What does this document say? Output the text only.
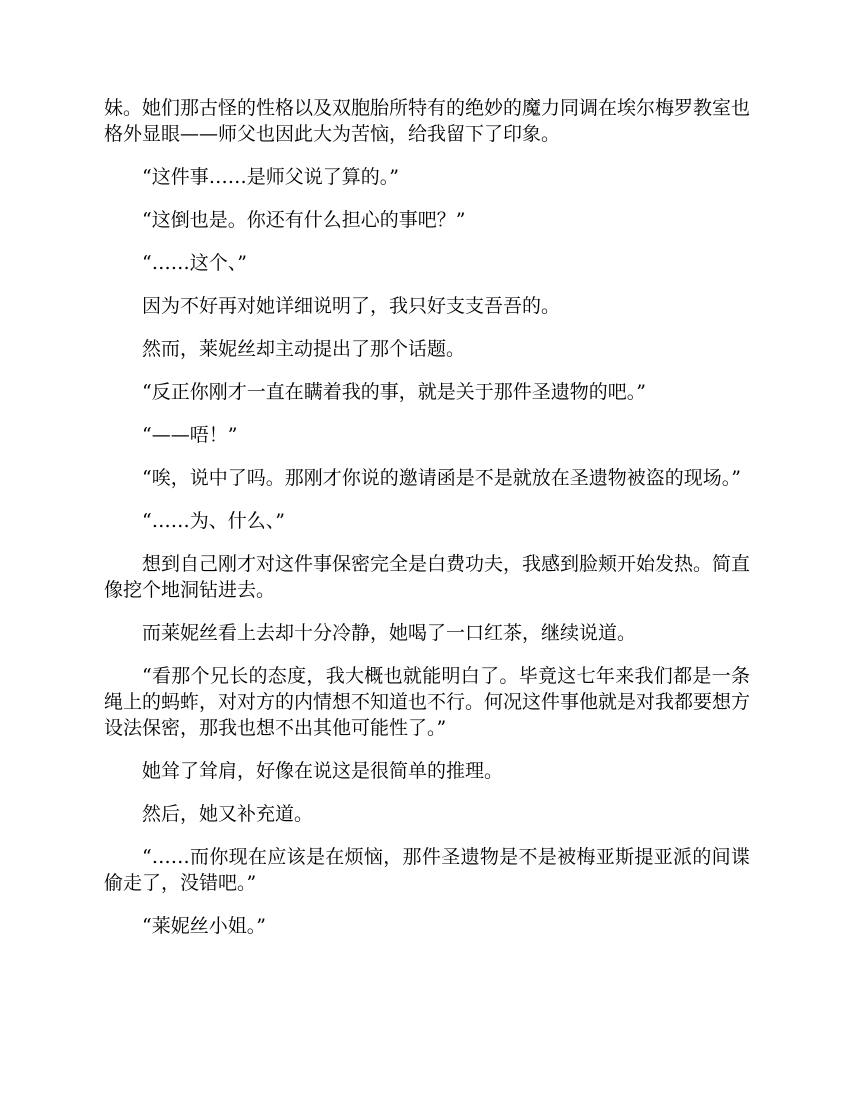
妹。她们那古怪的性格以及双胞胎所特有的绝妙的魔力同调在埃尔梅罗教室也格外显眼——师父也因此大为苦恼，给我留下了印象。

“这件事……是师父说了算的。”

“这倒也是。你还有什么担心的事吧？”

“……这个、”

因为不好再对她详细说明了，我只好支支吾吾的。

然而，莱妮丝却主动提出了那个话题。

“反正你刚才一直在瞒着我的事，就是关于那件圣遗物的吧。”

“——唔！”

“唉，说中了吗。那刚才你说的邀请函是不是就放在圣遗物被盗的现场。”

“……为、什么、”

想到自己刚才对这件事保密完全是白费功夫，我感到脸颊开始发热。简直像挖个地洞钻进去。

而莱妮丝看上去却十分冷静，她喝了一口红茶，继续说道。

“看那个兄长的态度，我大概也就能明白了。毕竟这七年来我们都是一条绳上的蚂蚱，对对方的内情想不知道也不行。何况这件事他就是对我都要想方设法保密，那我也想不出其他可能性了。”

她耸了耸肩，好像在说这是很简单的推理。

然后，她又补充道。

“……而你现在应该是在烦恼，那件圣遗物是不是被梅亚斯提亚派的间谍偷走了，没错吧。”

“莱妮丝小姐。”
